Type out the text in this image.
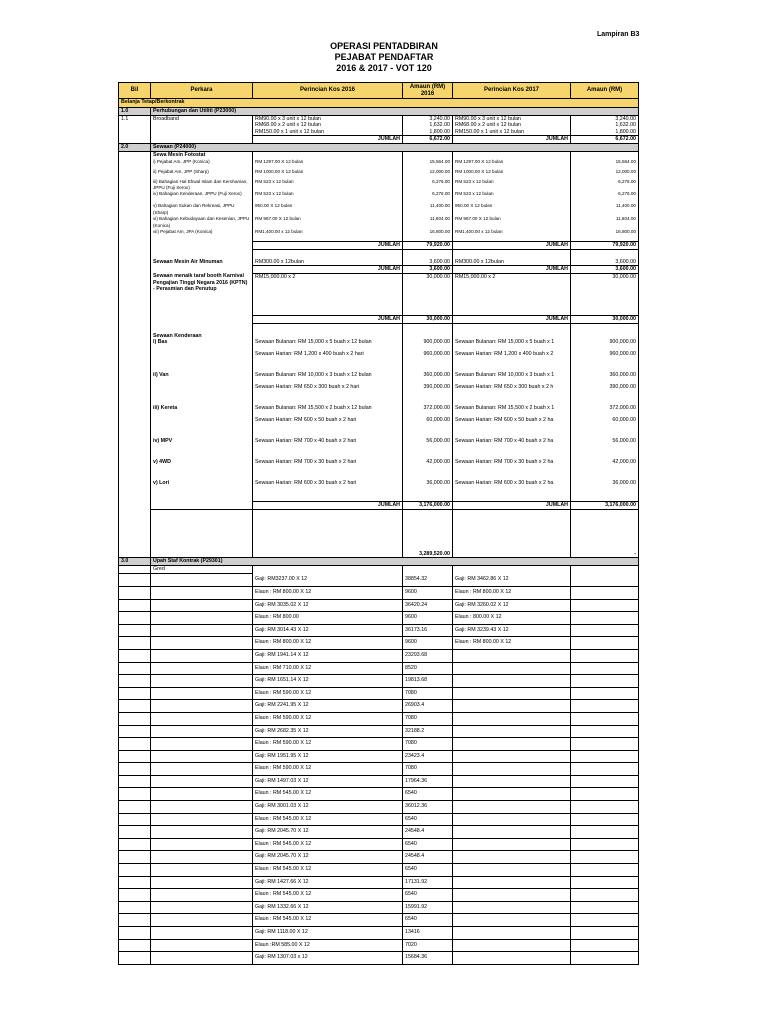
Lampiran B3
OPERASI PENTADBIRAN
PEJABAT PENDAFTAR
2016 & 2017 - VOT 120
Bil	Perkara	Perincian Kos 2016	Amaun (RM) 2016	Perincian Kos 2017	Amaun (RM)
Belanja Tetap/Berkontrak					
1.0	Perhubungan dan Utiliti (P23000)				
1.1	Broadband	RM90.00 x 3 unit x 12 bulan	3,240.00	RM90.00 x 3 unit x 12 bulan	3,240.00
		RM68.00 x 2 unit x 12 bulan	1,632.00	RM68.00 x 2 unit x 12 bulan	1,632.00
		RM150.00 x 1 unit x 12 bulan	1,800.00	RM150.00 x 1 unit x 12 bulan	1,800.00
		JUMLAH	6,672.00	JUMLAH	6,672.00
2.0	Sewaan (P24000)				
	Sewa Mesin Fotostat				
	i) Pejabat Am, JPP (Konica)	RM 1297.00 X 12 bulan	15,564.00	RM 1297.00 X 12 bulan	15,564.00
	ii) Pejabat Am, JPP (Sharp)	RM 1000.00 X 12 bulan	12,000.00	RM 1000.00 X 12 bulan	12,000.00
	iii) Bahagian Hal Ehwal Islam dan Kerohanian, JPPU (Fuji Xerox)	RM 523 x 12 bulan	6,276.00	RM 523 x 12 bulan	6,276.00
	iv) Bahagian Kenderaan, JPPU (Fuji Xerox)	RM 523 x 12 bulan	6,276.00	RM 523 x 12 bulan	6,276.00
	v) Bahagian Sukan dan Rekreasi, JPPU (Sharp)	950.00 X 12 bulan	11,400.00	950.00 X 12 bulan	11,400.00
	vi) Bahagian Kebudayaan dan Kesenian, JPPU (Konica)	RM 967.00 X 12 bulan	11,604.00	RM 967.00 X 12 bulan	11,604.00
	vii) Pejabat Am, JPA (Konica)	RM1,400.00 x 12 bulan	16,800.00	RM1,400.00 x 12 bulan	16,800.00
		JUMLAH	79,920.00	JUMLAH	79,920.00

	Sewaan Mesin Air Minuman	RM300.00 x 12bulan	3,600.00	RM300.00 x 12bulan	3,600.00
		JUMLAH	3,600.00	JUMLAH	3,600.00
	Sewaan menaik taraf booth Karnival Pengajian Tinggi Negara 2016 (KPTN) - Perasmian dan Penutup	RM15,000.00 x 2	30,000.00	RM15,000.00 x 2	30,000.00
		JUMLAH	30,000.00	JUMLAH	30,000.00

	Sewaan Kenderaan				
	i) Bas	Sewaan Bulanan: RM 15,000 x 5 buah x 12 bulan	900,000.00	Sewaan Bulanan: RM 15,000 x 5 buah x 1	900,000.00
		Sewaan Harian: RM 1,200 x 400 buah x 2 hari	960,000.00	Sewaan Harian: RM 1,200 x 400 buah x 2	960,000.00

	ii) Van	Sewaan Bulanan: RM 10,000 x 3 buah x 12 bulan	360,000.00	Sewaan Bulanan: RM 10,000 x 3 buah x 1	360,000.00
		Sewaan Harian: RM 650 x 300 buah x 2 hari	390,000.00	Sewaan Harian: RM 650 x 300 buah x 2 h	390,000.00

	iii) Kereta	Sewaan Bulanan: RM 15,500 x 2 buah x 12 bulan	372,000.00	Sewaan Bulanan: RM 15,500 x 2 buah x 1	372,000.00
		Sewaan Harian: RM 600 x 50 buah x 2 hari	60,000.00	Sewaan Harian: RM 600 x 50 buah x 2 ha	60,000.00

	iv) MPV	Sewaan Harian: RM 700 x 40 buah x 2 hari	56,000.00	Sewaan Harian: RM 700 x 40 buah x 2 ha	56,000.00

	v) 4WD	Sewaan Harian: RM 700 x 30 buah x 2 hari	42,000.00	Sewaan Harian: RM 700 x 30 buah x 2 ha	42,000.00

	v) Lori	Sewaan Harian: RM 600 x 30 buah x 2 hari	36,000.00	Sewaan Harian: RM 600 x 30 buah x 2 ha	36,000.00

		JUMLAH	3,176,000.00	JUMLAH	3,176,000.00
			3,289,520.00		-
3.0	Upah Staf Kontrak (P29301)				
	Gred				
		Gaji: RM3237.00 X 12	38854.32	Gaji: RM 3462.86 X 12	
		Elaun : RM 800.00 X 12	9600	Elaun : RM 800.00 X 12	
		Gaji: RM 3035.02 X 12	36420.24	Gaji: RM 3260.02 X 12	
		Elaun : RM 800.00	9600	Elaun : 800.00 X 12	
		Gaji: RM 3014.43 X 12	36173.16	Gaji: RM 3239.43 X 12	
		Elaun : RM 800.00 X 12	9600	Elaun : RM 800.00 X 12	
		Gaji: RM 1941.14 X 12	23293.68		
		Elaun : RM 710.00 X 12	8520		
		Gaji: RM 1651.14 X 12	19813.68		
		Elaun : RM 590.00 X 12	7080		
		Gaji: RM 2241.95 X 12	26903.4		
		Elaun : RM 590.00 X 12	7080		
		Gaji: RM 2682.35 X 12	32188.2		
		Elaun : RM 590.00 X 12	7080		
		Gaji: RM 1951.95 X 12	23423.4		
		Elaun : RM 590.00 X 12	7080		
		Gaji: RM 1497.03 X 12	17964.36		
		Elaun : RM 545.00 X 12	6540		
		Gaji: RM 3001.03 X 12	36012.36		
		Elaun : RM 545.00 X 12	6540		
		Gaji: RM 2045.70 X 12	24548.4		
		Elaun : RM 545.00 X 12	6540		
		Gaji: RM 2045.70 X 12	24548.4		
		Elaun : RM 545.00 X 12	6540		
		Gaji: RM 1427.66 X 12	17131.92		
		Elaun : RM 545.00 X 12	6540		
		Gaji: RM 1332.66 X 12	15991.92		
		Elaun : RM 545.00 X 12	6540		
		Gaji: RM 1118.00 X 12	13416		
		Elaun :RM 585.00 X 12	7020		
		Gaji: RM 1307.03 x 12	15684.36		
